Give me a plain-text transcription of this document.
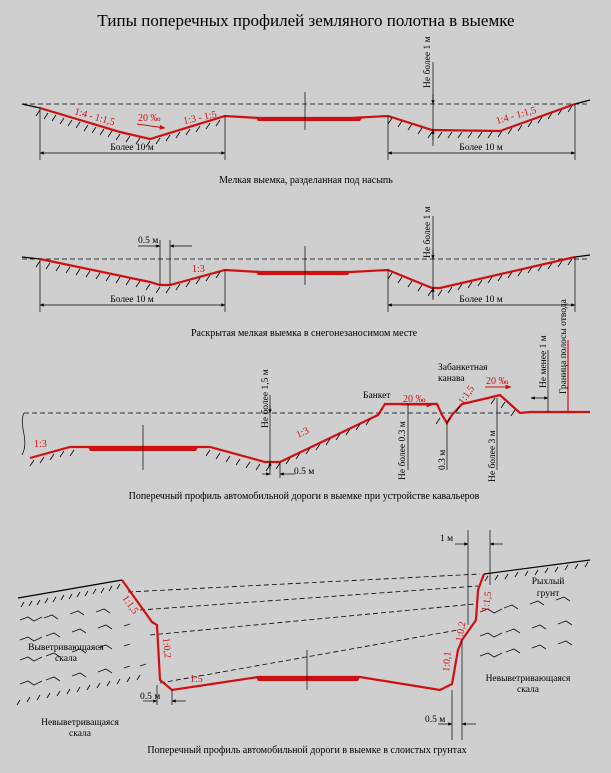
Типы поперечных профилей земляного полотна в выемке
Более 10 м	Более 10 м
Не более 1 м
1:4 - 1:1,5 20 ‰ 1:3 - 1:5	1:4 - 1:1,5
Мелкая выемка, разделанная под насыпь
0.5 м
Более 10 м	Более 10 м
Не более 1 м
1:3
Раскрытая мелкая выемка в снегонезаносимом месте
Не более 1,5 м
0.5 м
1:3
1:3
Банкет 20 ‰
Не более 0.3 м	0.3 м
Забанкетная
канава
1:1,5
20 ‰
Не более 3 м
Не менее 1 м Граница полосы отвода
Поперечный профиль автомобильной дороги в выемке при устройстве кавальеров
1 м
0.5 м
0.5 м
1:1,5
1:0,2
1:5
1:1,5
1:0,2
1:0,1
Рыхлый
грунт
Выветривающаяся
скала
Невыветривающаяся
скала
Невыветриващаяся
скала
Поперечный профиль автомобильной дороги в выемке в слоистых грунтах
